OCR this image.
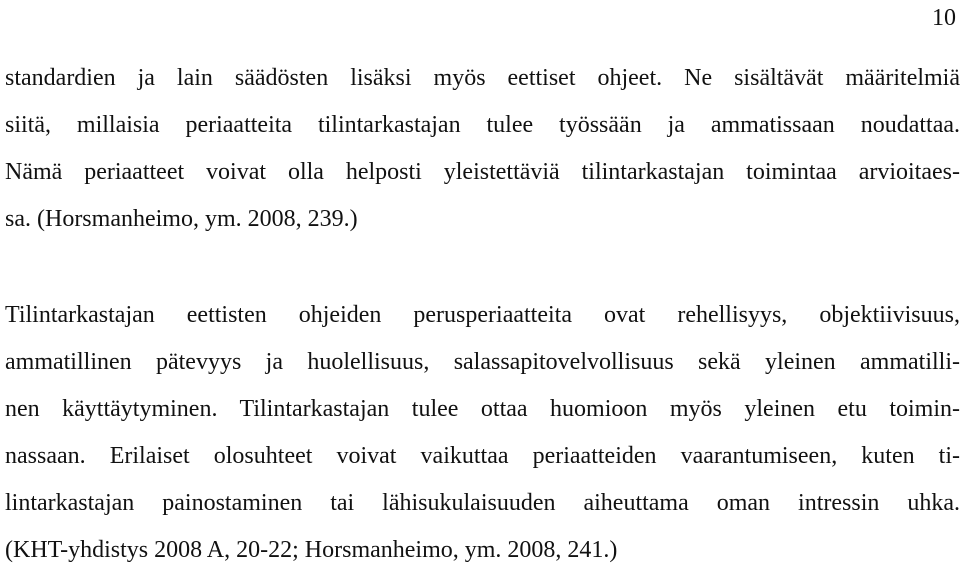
10
standardien ja lain säädösten lisäksi myös eettiset ohjeet. Ne sisältävät määritelmiä
siitä, millaisia periaatteita tilintarkastajan tulee työssään ja ammatissaan noudattaa.
Nämä periaatteet voivat olla helposti yleistettäviä tilintarkastajan toimintaa arvioitaes-
sa. (Horsmanheimo, ym. 2008, 239.)
Tilintarkastajan eettisten ohjeiden perusperiaatteita ovat rehellisyys, objektiivisuus,
ammatillinen pätevyys ja huolellisuus, salassapitovelvollisuus sekä yleinen ammatilli-
nen käyttäytyminen. Tilintarkastajan tulee ottaa huomioon myös yleinen etu toimin-
nassaan. Erilaiset olosuhteet voivat vaikuttaa periaatteiden vaarantumiseen, kuten ti-
lintarkastajan painostaminen tai lähisukulaisuuden aiheuttama oman intressin uhka.
(KHT-yhdistys 2008 A, 20-22; Horsmanheimo, ym. 2008, 241.)
